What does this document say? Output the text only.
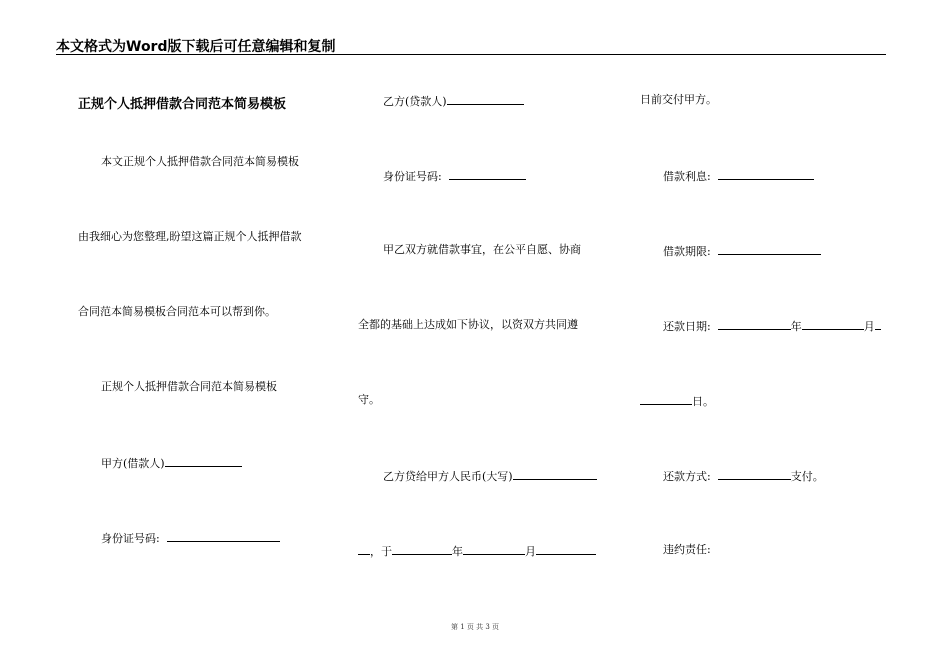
本文格式为Word版下载后可任意编辑和复制
正规个人抵押借款合同范本简易模板
本文正规个人抵押借款合同范本简易模板
由我细心为您整理,盼望这篇正规个人抵押借款
合同范本简易模板合同范本可以帮到你。
正规个人抵押借款合同范本简易模板
甲方(借款人)
身份证号码:
乙方(贷款人)
身份证号码:
甲乙双方就借款事宜，在公平自愿、协商
全都的基础上达成如下协议，以资双方共同遵
守。
乙方贷给甲方人民币(大写)
，于	年	月
日前交付甲方。
借款利息:
借款期限:
还款日期:	年	月
日。
还款方式:	支付。
违约责任:
第 1 页 共 3 页
